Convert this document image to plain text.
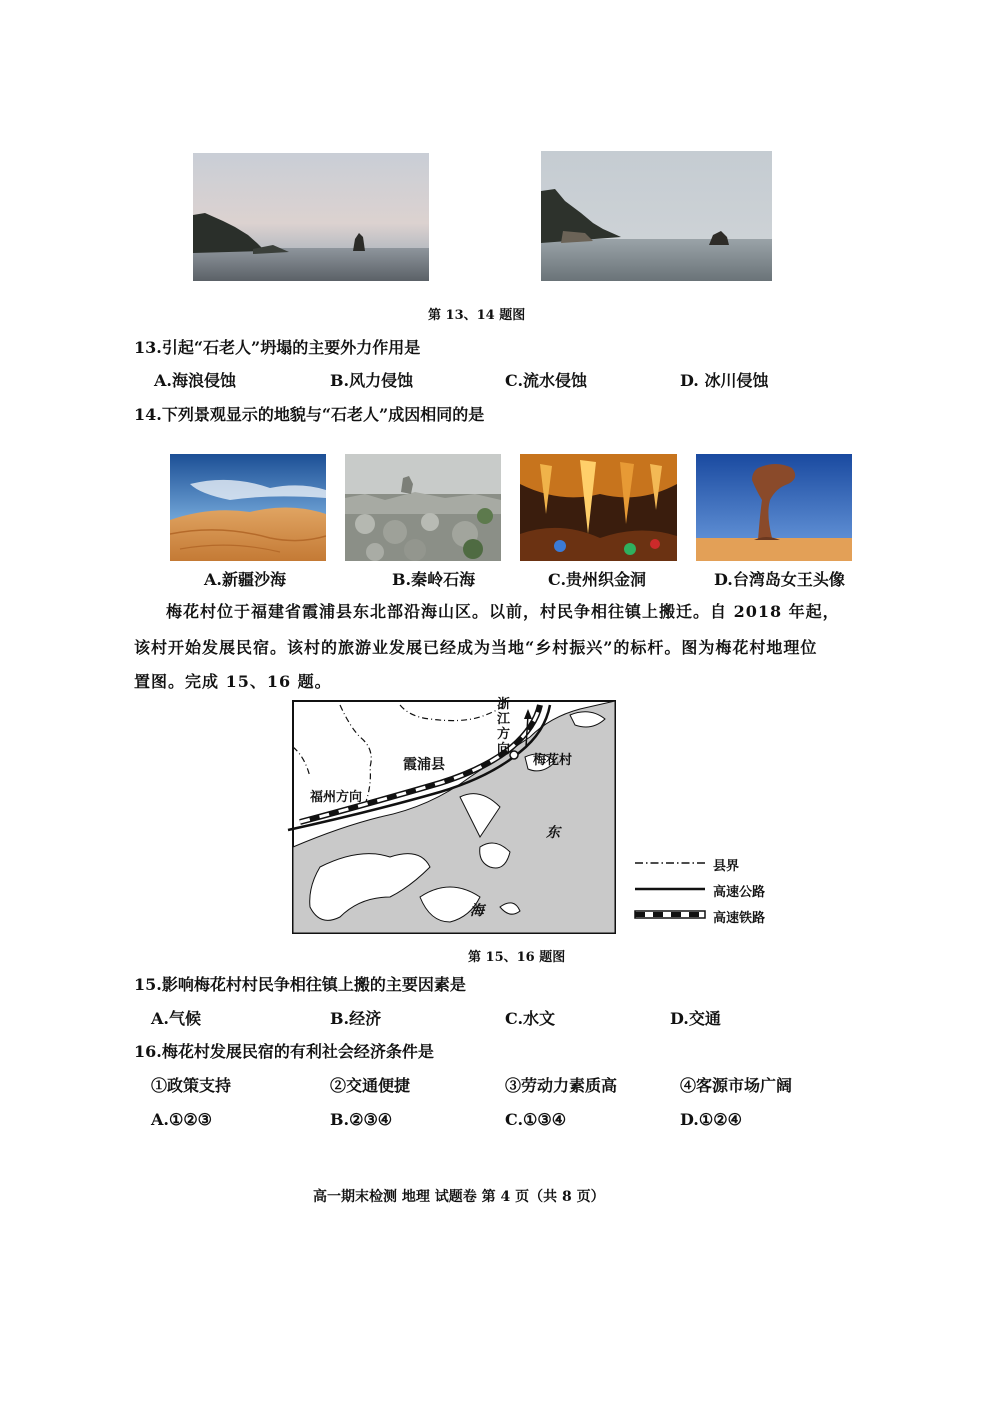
第 13、14 题图
13.引起“石老人”坍塌的主要外力作用是
A.海浪侵蚀	B.风力侵蚀	C.流水侵蚀	D. 冰川侵蚀
14.下列景观显示的地貌与“石老人”成因相同的是
A.新疆沙海	B.秦岭石海	C.贵州织金洞	D.台湾岛女王头像
梅花村位于福建省霞浦县东北部沿海山区。以前，村民争相往镇上搬迁。自 2018 年起，
该村开始发展民宿。该村的旅游业发展已经成为当地“乡村振兴”的标杆。图为梅花村地理位
置图。完成 15、16 题。
浙
江
方
向
梅花村
霞浦县
福州方向
东
海
县界
高速公路
高速铁路
第 15、16 题图
15.影响梅花村村民争相往镇上搬的主要因素是
A.气候	B.经济	C.水文	D.交通
16.梅花村发展民宿的有利社会经济条件是
①政策支持	②交通便捷	③劳动力素质高	④客源市场广阔
A.①②③	B.②③④	C.①③④	D.①②④
高一期末检测 地理 试题卷 第 4 页（共 8 页）
